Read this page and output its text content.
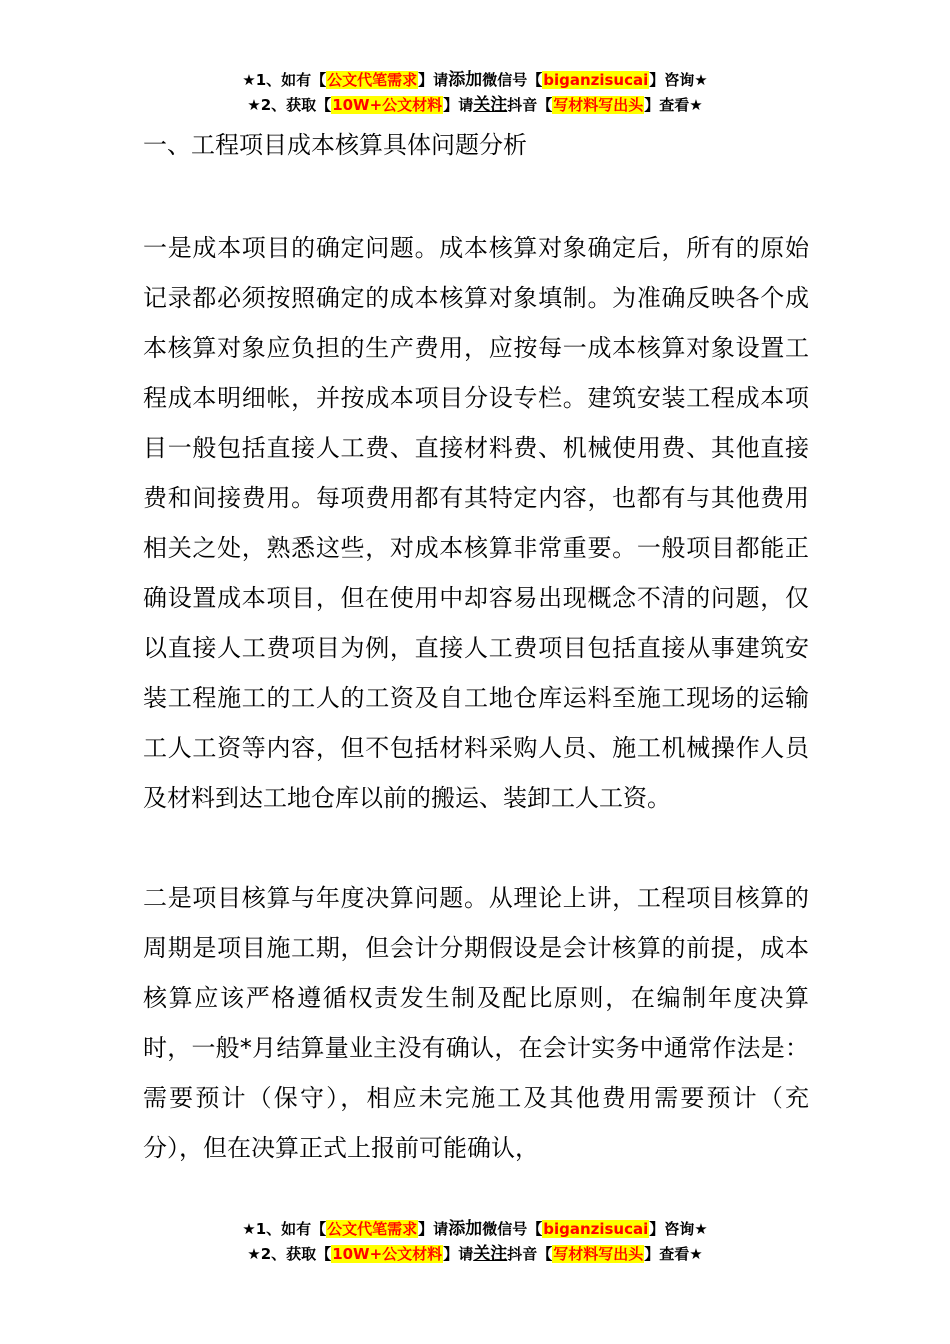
★1、如有【公文代笔需求】请添加微信号【biganzisucai】咨询★
★2、获取【10W+公文材料】请关注抖音【写材料写出头】查看★
一、工程项目成本核算具体问题分析

一是成本项目的确定问题。成本核算对象确定后，所有的原始记录都必须按照确定的成本核算对象填制。为准确反映各个成本核算对象应负担的生产费用，应按每一成本核算对象设置工程成本明细帐，并按成本项目分设专栏。建筑安装工程成本项目一般包括直接人工费、直接材料费、机械使用费、其他直接费和间接费用。每项费用都有其特定内容，也都有与其他费用相关之处，熟悉这些，对成本核算非常重要。一般项目都能正确设置成本项目，但在使用中却容易出现概念不清的问题，仅以直接人工费项目为例，直接人工费项目包括直接从事建筑安装工程施工的工人的工资及自工地仓库运料至施工现场的运输工人工资等内容，但不包括材料采购人员、施工机械操作人员及材料到达工地仓库以前的搬运、装卸工人工资。

二是项目核算与年度决算问题。从理论上讲，工程项目核算的周期是项目施工期，但会计分期假设是会计核算的前提，成本核算应该严格遵循权责发生制及配比原则，在编制年度决算时，一般*月结算量业主没有确认，在会计实务中通常作法是：需要预计（保守），相应未完施工及其他费用需要预计（充分），但在决算正式上报前可能确认，

★1、如有【公文代笔需求】请添加微信号【biganzisucai】咨询★
★2、获取【10W+公文材料】请关注抖音【写材料写出头】查看★
